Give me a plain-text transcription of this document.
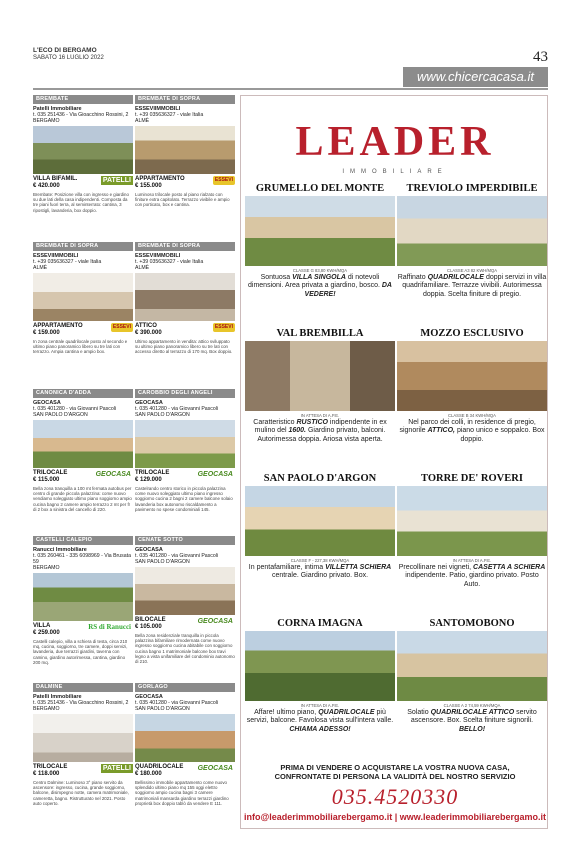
L'ECO DI BERGAMO
SABATO 16 LUGLIO 2022	43
www.chicercacasa.it
BREMBATE
Patelli Immobiliare
t. 035 251436 - Via Gioacchino Rossini, 2
BERGAMO
VILLA BIFAMIL.
€ 420.000
PATELLI
Brembate: Posizione villa con ingresso e giardino su due lati della casa indipendenti. Composta da tre piani fuori terra, al seminterrato: cantina, 3 ripostigli, lavanderia, box doppio.
BREMBATE DI SOPRA
ESSEVIIMMOBILI
t. +39 035636327 - viale Italia
ALMÈ
APPARTAMENTO
€ 155.000
ESSEVI
Luminoso trilocale posto al piano rialzato con finiture extra capitolato. Terrazzo vivibile e ampio con porticato, box e cantina.
BREMBATE DI SOPRA
ESSEVIIMMOBILI
t. +39 035636327 - viale Italia
ALMÈ
APPARTAMENTO
€ 159.000
ESSEVI
In zona centrale quadrilocale posto al secondo e ultimo piano panoramico libero su tre lati con terrazzo. Ampia cantina e ampio box.
BREMBATE DI SOPRA
ESSEVIIMMOBILI
t. +39 035636327 - viale Italia
ALMÈ
ATTICO
€ 390.000
ESSEVI
Ultimo appartamento in vendita: attico sviluppato su ultimo piano panoramico libero su tre lati con accesso diretto al terrazzo di 170 mq. Box doppio.
CANONICA D'ADDA
GEOCASA
t. 035 401280 - via Giovanni Pascoli
SAN PAOLO D'ARGON
TRILOCALE
€ 115.000
GEOCASA
Bella zona tranquilla a 100 mt fermata autobus per centro di grande piccola palazzina: come nuovo vendiamo soleggiato ultimo piano soggiorno ampio cucina bagno 2 camere ampio terrazzo 2 mt per fr di 2 box a sinistra del cancello di 220.
CAROBBIO DEGLI ANGELI
GEOCASA
t. 035 401280 - via Giovanni Pascoli
SAN PAOLO D'ARGON
TRILOCALE
€ 129.000
GEOCASA
Castelrando centro storico in piccola palazzina come nuovo soleggiato ultimo piano ingresso soggiorno cucina 2 bagni 2 camere balcone solaio lavanderia box autonomo riscaldamento a pavimento no spese condominiali 145.
CASTELLI CALEPIO
Ranucci Immobiliare
t. 035 260461 - 335 6098969 - Via Brusata 59
BERGAMO
VILLA
€ 259.000
RS di Ranucci
Castelli calepio, villa a schiera di testa, circa 210 mq, cucina, soggiorno, tre camere, doppi servizi, lavanderia, due terrazzi giardini, taverna con camino, giardino autorimessa, cantina, giardino 200 mq.
CENATE SOTTO
GEOCASA
t. 035 401280 - via Giovanni Pascoli
SAN PAOLO D'ARGON
BILOCALE
€ 105.000
GEOCASA
Bella zona residenziale tranquilla in piccola palazzina bifamiliare rimodernata come nuovo ingresso soggiorno cucina abitabile con soggiorno cucina bagno 1 matrimoniale balcone box travi legno a vista unifamiliare del condominio autonomo di 210.
DALMINE
Patelli Immobiliare
t. 035 251436 - Via Gioacchino Rossini, 2
BERGAMO
TRILOCALE
€ 118.000
PATELLI
Centro Dalmine: Luminoso 3° piano servito da ascensore: ingresso, cucina, grande soggiorno, balcone, disimpegno notte, camera matrimoniale, cameretta, bagno. Ristrutturato nel 2021. Posto auto coperto.
GORLAGO
GEOCASA
t. 035 401280 - via Giovanni Pascoli
SAN PAOLO D'ARGON
QUADRILOCALE
€ 180.000
GEOCASA
Bellissimo immobile appartamento come nuovo splendido ultimo piano mq 155 oggi elettro soggiorno ampio cucina bagni 3 camere matrimoniali mansarda giardino terrazzi giardino proprietà box doppio tablò da vendere E 111.
LEADER
IMMOBILIARE
GRUMELLO DEL MONTE
CLASSE G 83,80 KWH/MQA
Sontuosa VILLA SINGOLA di notevoli dimensioni. Area privata a giardino, bosco. DA VEDERE!
TREVIOLO IMPERDIBILE
CLASSE A3 82 KWH/MQA
Raffinato QUADRILOCALE doppi servizi in villa quadrifamiliare. Terrazze vivibili. Autorimessa doppia. Scelta finiture di pregio.
VAL BREMBILLA
IN ATTESA DI A.P.E.
Caratteristico RUSTICO indipendente in ex mulino del 1600. Giardino privato, balconi. Autorimessa doppia. Ariosa vista aperta.
MOZZO ESCLUSIVO
CLASSE B 34 KWH/MQA
Nel parco dei colli, in residence di pregio, signorile ATTICO, piano unico e soppalco. Box doppio.
SAN PAOLO D'ARGON
CLASSE F - 227,38 KWH/MQA
In pentafamiliare, intima VILLETTA SCHIERA centrale. Giardino privato. Box.
TORRE DE' ROVERI
IN ATTESA DI A.P.E.
Precollinare nei vigneti, CASETTA A SCHIERA indipendente. Patio, giardino privato. Posto Auto.
CORNA IMAGNA
IN ATTESA DI A.P.E.
Affare! ultimo piano, QUADRILOCALE più servizi, balcone. Favolosa vista sull'intera valle. CHIAMA ADESSO!
SANTOMOBONO
CLASSE A 2 74,59 KWH/MQA
Solatio QUADRILOCALE ATTICO servito ascensore. Box. Scelta finiture signorili. BELLO!
PRIMA DI VENDERE O ACQUISTARE LA VOSTRA NUOVA CASA,
CONFRONTATE DI PERSONA LA VALIDITÀ DEL NOSTRO SERVIZIO
035.4520330
info@leaderimmobiliarebergamo.it | www.leaderimmobiliarebergamo.it
